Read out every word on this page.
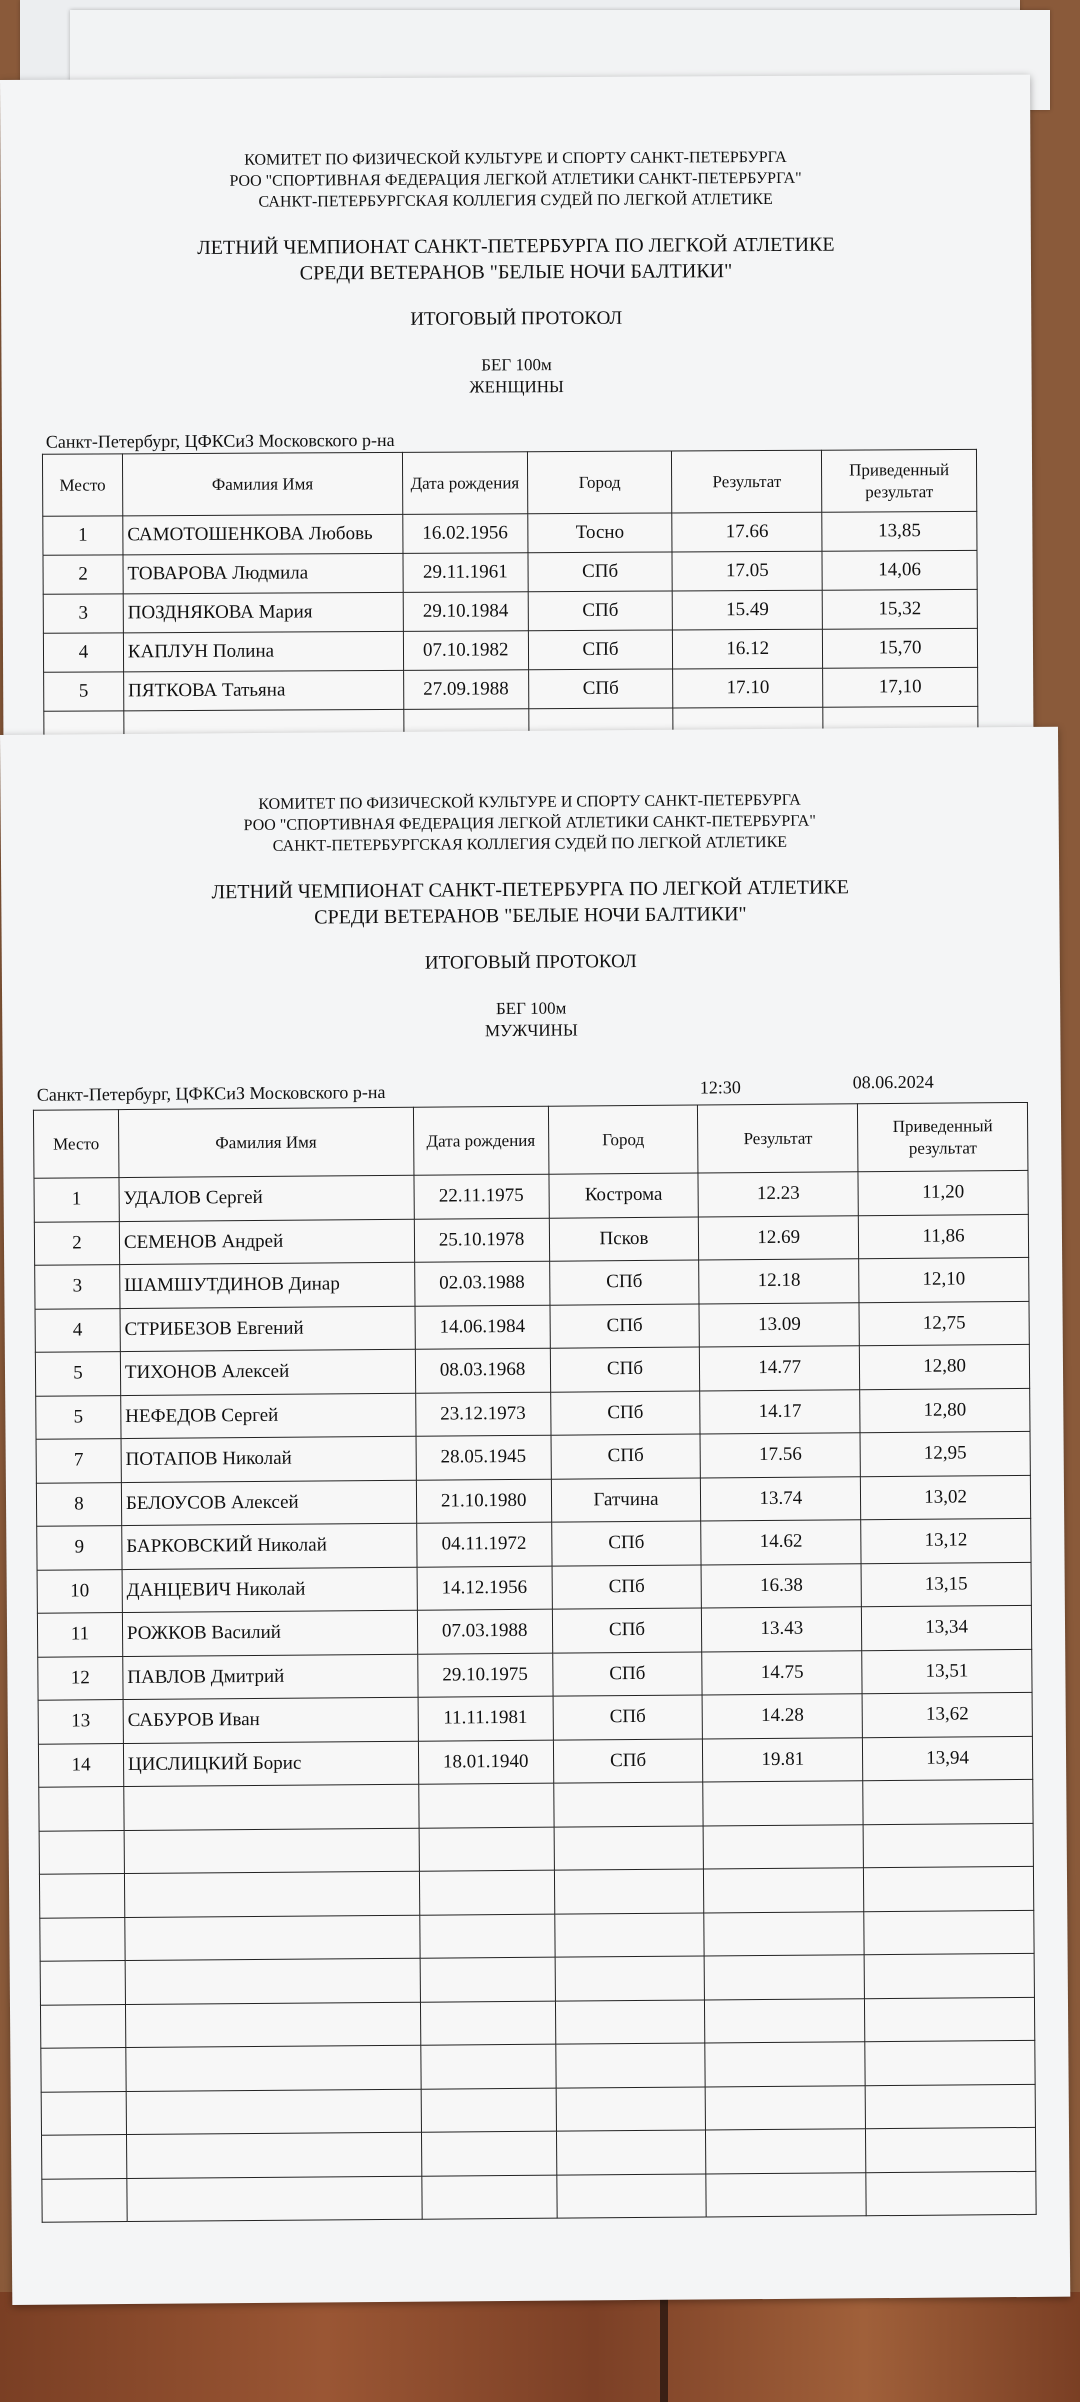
КОМИТЕТ ПО ФИЗИЧЕСКОЙ КУЛЬТУРЕ И СПОРТУ САНКТ-ПЕТЕРБУРГА
РОО "СПОРТИВНАЯ ФЕДЕРАЦИЯ ЛЕГКОЙ АТЛЕТИКИ САНКТ-ПЕТЕРБУРГА"
САНКТ-ПЕТЕРБУРГСКАЯ КОЛЛЕГИЯ СУДЕЙ ПО ЛЕГКОЙ АТЛЕТИКЕ
ЛЕТНИЙ ЧЕМПИОНАТ САНКТ-ПЕТЕРБУРГА ПО ЛЕГКОЙ АТЛЕТИКЕ
СРЕДИ ВЕТЕРАНОВ "БЕЛЫЕ НОЧИ БАЛТИКИ"
ИТОГОВЫЙ ПРОТОКОЛ
БЕГ 100м
ЖЕНЩИНЫ
Санкт-Петербург, ЦФКСиЗ Московского р-на
Место	Фамилия Имя	Дата рождения	Город	Результат	Приведенный результат
1	САМОТОШЕНКОВА Любовь	16.02.1956	Тосно	17.66	13,85
2	ТОВАРОВА Людмила	29.11.1961	СПб	17.05	14,06
3	ПОЗДНЯКОВА Мария	29.10.1984	СПб	15.49	15,32
4	КАПЛУН Полина	07.10.1982	СПб	16.12	15,70
5	ПЯТКОВА Татьяна	27.09.1988	СПб	17.10	17,10

КОМИТЕТ ПО ФИЗИЧЕСКОЙ КУЛЬТУРЕ И СПОРТУ САНКТ-ПЕТЕРБУРГА
РОО "СПОРТИВНАЯ ФЕДЕРАЦИЯ ЛЕГКОЙ АТЛЕТИКИ САНКТ-ПЕТЕРБУРГА"
САНКТ-ПЕТЕРБУРГСКАЯ КОЛЛЕГИЯ СУДЕЙ ПО ЛЕГКОЙ АТЛЕТИКЕ
ЛЕТНИЙ ЧЕМПИОНАТ САНКТ-ПЕТЕРБУРГА ПО ЛЕГКОЙ АТЛЕТИКЕ
СРЕДИ ВЕТЕРАНОВ "БЕЛЫЕ НОЧИ БАЛТИКИ"
ИТОГОВЫЙ ПРОТОКОЛ
БЕГ 100м
МУЖЧИНЫ
Санкт-Петербург, ЦФКСиЗ Московского р-на	12:30	08.06.2024
Место	Фамилия Имя	Дата рождения	Город	Результат	Приведенный результат
1	УДАЛОВ Сергей	22.11.1975	Кострома	12.23	11,20
2	СЕМЕНОВ Андрей	25.10.1978	Псков	12.69	11,86
3	ШАМШУТДИНОВ Динар	02.03.1988	СПб	12.18	12,10
4	СТРИБЕЗОВ Евгений	14.06.1984	СПб	13.09	12,75
5	ТИХОНОВ Алексей	08.03.1968	СПб	14.77	12,80
5	НЕФЕДОВ Сергей	23.12.1973	СПб	14.17	12,80
7	ПОТАПОВ Николай	28.05.1945	СПб	17.56	12,95
8	БЕЛОУСОВ Алексей	21.10.1980	Гатчина	13.74	13,02
9	БАРКОВСКИЙ Николай	04.11.1972	СПб	14.62	13,12
10	ДАНЦЕВИЧ Николай	14.12.1956	СПб	16.38	13,15
11	РОЖКОВ Василий	07.03.1988	СПб	13.43	13,34
12	ПАВЛОВ Дмитрий	29.10.1975	СПб	14.75	13,51
13	САБУРОВ Иван	11.11.1981	СПб	14.28	13,62
14	ЦИСЛИЦКИЙ Борис	18.01.1940	СПб	19.81	13,94
